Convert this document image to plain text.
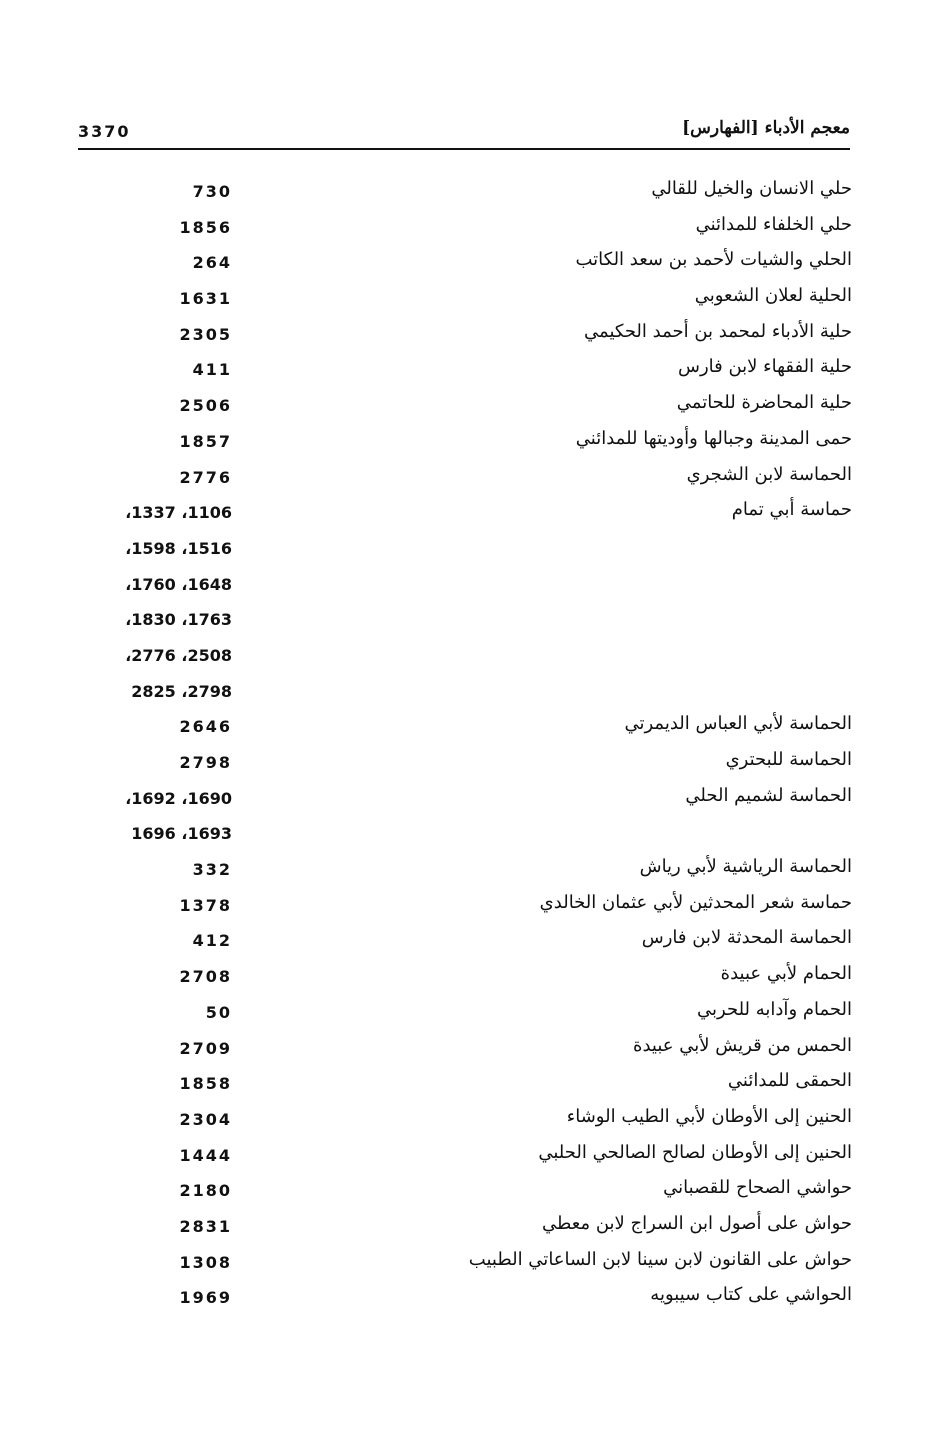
3370	معجم الأدباء [الفهارس]
حلي الانسان والخيل للقالي
730
حلي الخلفاء للمدائني
1856
الحلي والشيات لأحمد بن سعد الكاتب
264
الحلية لعلان الشعوبي
1631
حلية الأدباء لمحمد بن أحمد الحكيمي
2305
حلية الفقهاء لابن فارس
411
حلية المحاضرة للحاتمي
2506
حمى المدينة وجبالها وأوديتها للمدائني
1857
الحماسة لابن الشجري
2776
حماسة أبي تمام
1106، 1337،
1516، 1598،
1648، 1760،
1763، 1830،
2508، 2776،
2798، 2825
الحماسة لأبي العباس الديمرتي
2646
الحماسة للبحتري
2798
الحماسة لشميم الحلي
1690، 1692،
1693، 1696
الحماسة الرياشية لأبي رياش
332
حماسة شعر المحدثين لأبي عثمان الخالدي
1378
الحماسة المحدثة لابن فارس
412
الحمام لأبي عبيدة
2708
الحمام وآدابه للحربي
50
الحمس من قريش لأبي عبيدة
2709
الحمقى للمدائني
1858
الحنين إلى الأوطان لأبي الطيب الوشاء
2304
الحنين إلى الأوطان لصالح الصالحي الحلبي
1444
حواشي الصحاح للقصباني
2180
حواش على أصول ابن السراج لابن معطي
2831
حواش على القانون لابن سينا لابن الساعاتي الطبيب
1308
الحواشي على كتاب سيبويه
1969
